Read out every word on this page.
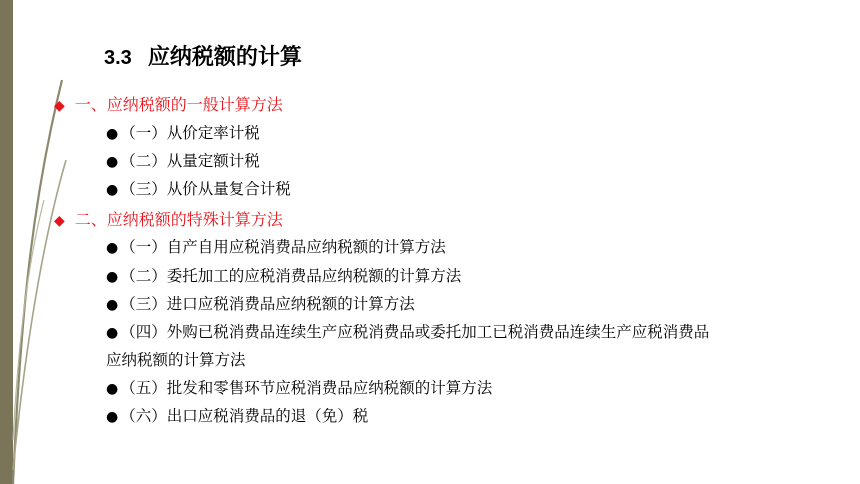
3.3 应纳税额的计算
◆ 一、应纳税额的一般计算方法
● （一）从价定率计税
● （二）从量定额计税
● （三）从价从量复合计税
◆ 二、应纳税额的特殊计算方法
● （一）自产自用应税消费品应纳税额的计算方法
● （二）委托加工的应税消费品应纳税额的计算方法
● （三）进口应税消费品应纳税额的计算方法
● （四）外购已税消费品连续生产应税消费品或委托加工已税消费品连续生产应税消费品
应纳税额的计算方法
● （五）批发和零售环节应税消费品应纳税额的计算方法
● （六）出口应税消费品的退（免）税
